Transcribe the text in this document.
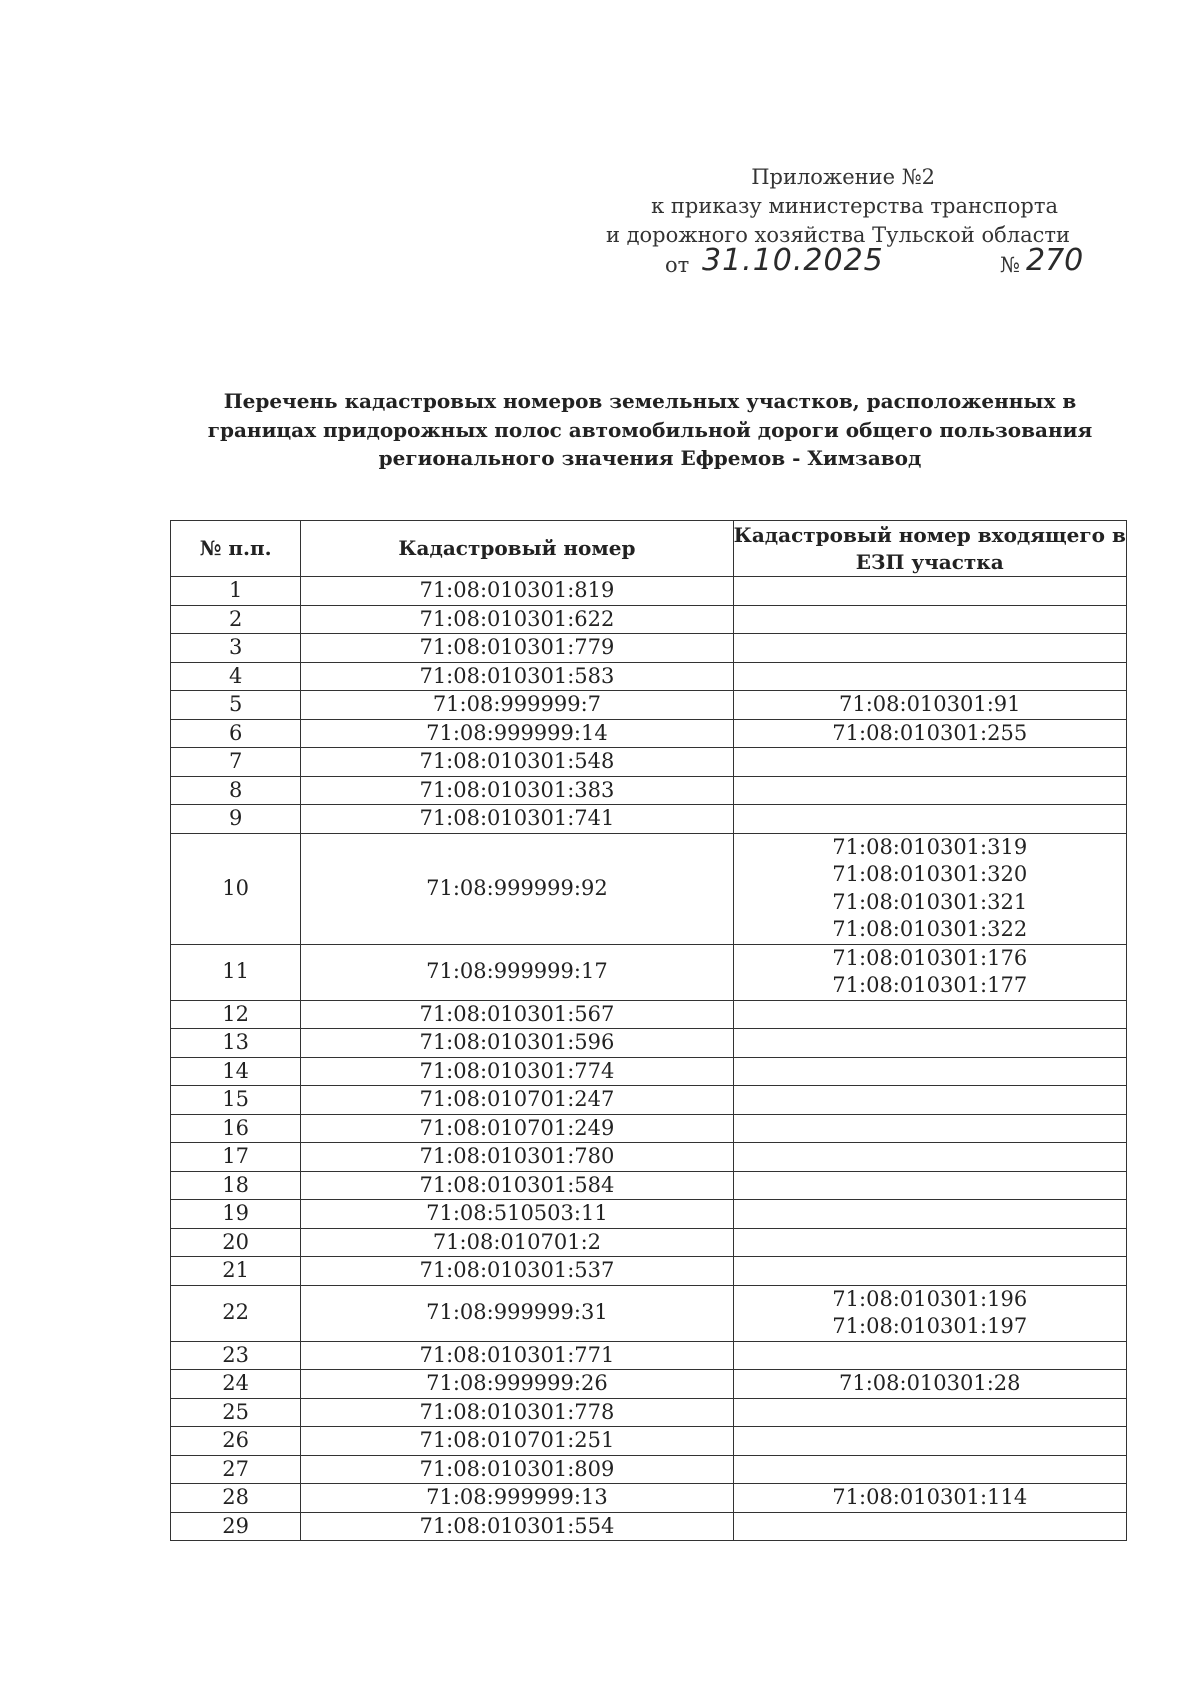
Приложение №2
к приказу министерства транспорта
и дорожного хозяйства Тульской области
от 31.10.2025	№ 270
Перечень кадастровых номеров земельных участков, расположенных в границах придорожных полос автомобильной дороги общего пользования регионального значения Ефремов - Химзавод
№ п.п.	Кадастровый номер	Кадастровый номер входящего в ЕЗП участка
1	71:08:010301:819	
2	71:08:010301:622	
3	71:08:010301:779	
4	71:08:010301:583	
5	71:08:999999:7	71:08:010301:91

6	71:08:999999:14	71:08:010301:255

7	71:08:010301:548	
8	71:08:010301:383	
9	71:08:010301:741	
10	71:08:999999:92	71:08:010301:319
71:08:010301:320
71:08:010301:321
71:08:010301:322

11	71:08:999999:17	71:08:010301:176
71:08:010301:177

12	71:08:010301:567	
13	71:08:010301:596	
14	71:08:010301:774	
15	71:08:010701:247	
16	71:08:010701:249	
17	71:08:010301:780	
18	71:08:010301:584	
19	71:08:510503:11	
20	71:08:010701:2	
21	71:08:010301:537	
22	71:08:999999:31	71:08:010301:196
71:08:010301:197

23	71:08:010301:771	
24	71:08:999999:26	71:08:010301:28

25	71:08:010301:778	
26	71:08:010701:251	
27	71:08:010301:809	
28	71:08:999999:13	71:08:010301:114

29	71:08:010301:554	
